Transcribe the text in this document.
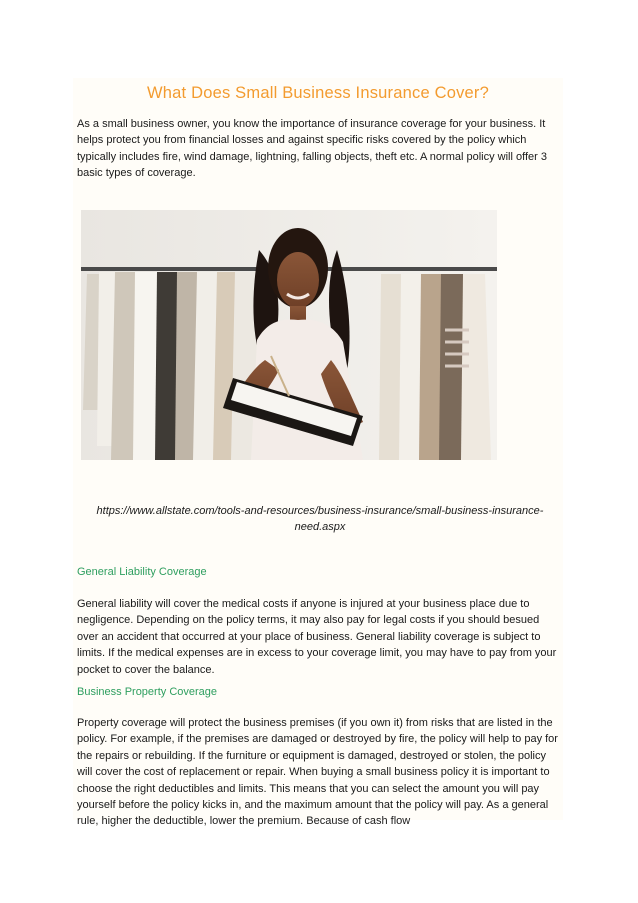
What Does Small Business Insurance Cover?

As a small business owner, you know the importance of insurance coverage for your business. It helps protect you from financial losses and against specific risks covered by the policy which typically includes fire, wind damage, lightning, falling objects, theft etc. A normal policy will offer 3 basic types of coverage.

https://www.allstate.com/tools-and-resources/business-insurance/small-business-insurance-need.aspx
General Liability Coverage

General liability will cover the medical costs if anyone is injured at your business place due to negligence. Depending on the policy terms, it may also pay for legal costs if you should besued over an accident that occurred at your place of business. General liability coverage is subject to limits. If the medical expenses are in excess to your coverage limit, you may have to pay from your pocket to cover the balance.

Business Property Coverage

Property coverage will protect the business premises (if you own it) from risks that are listed in the policy. For example, if the premises are damaged or destroyed by fire, the policy will help to pay for the repairs or rebuilding. If the furniture or equipment is damaged, destroyed or stolen, the policy will cover the cost of replacement or repair. When buying a small business policy it is important to choose the right deductibles and limits. This means that you can select the amount you will pay yourself before the policy kicks in, and the maximum amount that the policy will pay. As a general rule, higher the deductible, lower the premium. Because of cash flow
